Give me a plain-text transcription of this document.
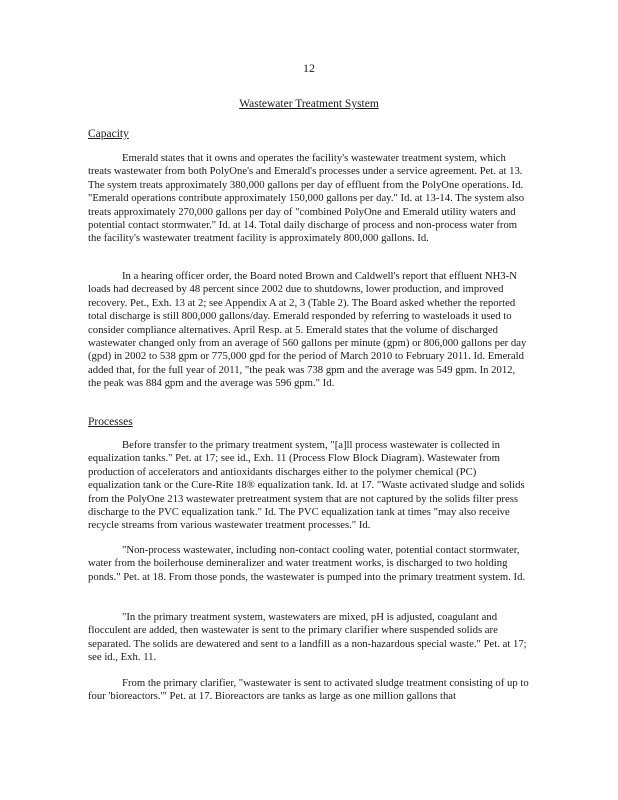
12
Wastewater Treatment System
Capacity

Emerald states that it owns and operates the facility's wastewater treatment system, which treats wastewater from both PolyOne's and Emerald's processes under a service agreement. Pet. at 13. The system treats approximately 380,000 gallons per day of effluent from the PolyOne operations. Id. "Emerald operations contribute approximately 150,000 gallons per day." Id. at 13-14. The system also treats approximately 270,000 gallons per day of "combined PolyOne and Emerald utility waters and potential contact stormwater." Id. at 14. Total daily discharge of process and non-process water from the facility's wastewater treatment facility is approximately 800,000 gallons. Id.

In a hearing officer order, the Board noted Brown and Caldwell's report that effluent NH3-N loads had decreased by 48 percent since 2002 due to shutdowns, lower production, and improved recovery. Pet., Exh. 13 at 2; see Appendix A at 2, 3 (Table 2). The Board asked whether the reported total discharge is still 800,000 gallons/day. Emerald responded by referring to wasteloads it used to consider compliance alternatives. April Resp. at 5. Emerald states that the volume of discharged wastewater changed only from an average of 560 gallons per minute (gpm) or 806,000 gallons per day (gpd) in 2002 to 538 gpm or 775,000 gpd for the period of March 2010 to February 2011. Id. Emerald added that, for the full year of 2011, "the peak was 738 gpm and the average was 549 gpm. In 2012, the peak was 884 gpm and the average was 596 gpm." Id.

Processes

Before transfer to the primary treatment system, "[a]ll process wastewater is collected in equalization tanks." Pet. at 17; see id., Exh. 11 (Process Flow Block Diagram). Wastewater from production of accelerators and antioxidants discharges either to the polymer chemical (PC) equalization tank or the Cure-Rite 18® equalization tank. Id. at 17. "Waste activated sludge and solids from the PolyOne 213 wastewater pretreatment system that are not captured by the solids filter press discharge to the PVC equalization tank." Id. The PVC equalization tank at times "may also receive recycle streams from various wastewater treatment processes." Id.

"Non-process wastewater, including non-contact cooling water, potential contact stormwater, water from the boilerhouse demineralizer and water treatment works, is discharged to two holding ponds." Pet. at 18. From those ponds, the wastewater is pumped into the primary treatment system. Id.

"In the primary treatment system, wastewaters are mixed, pH is adjusted, coagulant and flocculent are added, then wastewater is sent to the primary clarifier where suspended solids are separated. The solids are dewatered and sent to a landfill as a non-hazardous special waste." Pet. at 17; see id., Exh. 11.

From the primary clarifier, "wastewater is sent to activated sludge treatment consisting of up to four 'bioreactors.'" Pet. at 17. Bioreactors are tanks as large as one million gallons that
